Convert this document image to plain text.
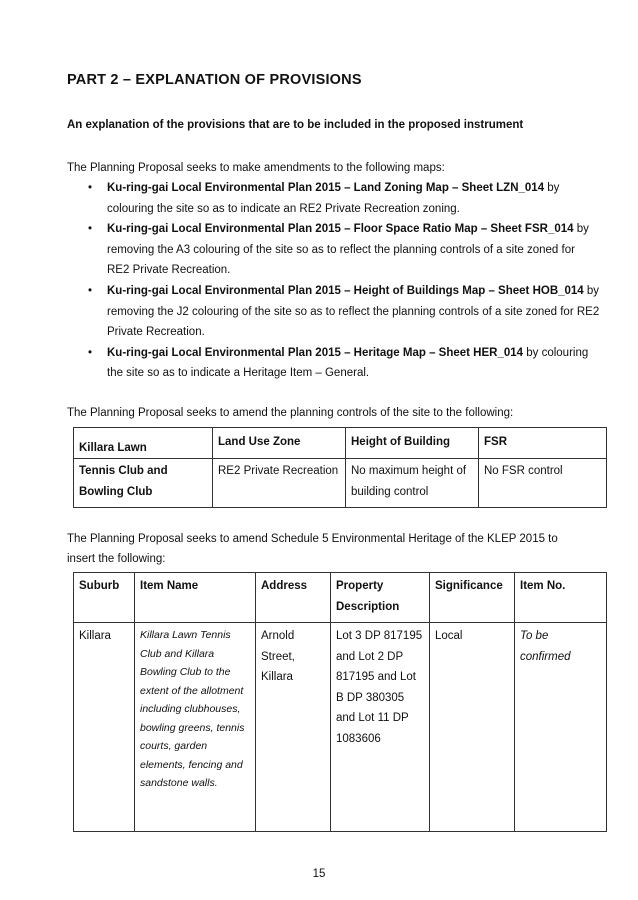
PART 2 – EXPLANATION OF PROVISIONS
An explanation of the provisions that are to be included in the proposed instrument
The Planning Proposal seeks to make amendments to the following maps:
• Ku-ring-gai Local Environmental Plan 2015 – Land Zoning Map – Sheet LZN_014 by colouring the site so as to indicate an RE2 Private Recreation zoning.
• Ku-ring-gai Local Environmental Plan 2015 – Floor Space Ratio Map – Sheet FSR_014 by removing the A3 colouring of the site so as to reflect the planning controls of a site zoned for RE2 Private Recreation.
• Ku-ring-gai Local Environmental Plan 2015 – Height of Buildings Map – Sheet HOB_014 by removing the J2 colouring of the site so as to reflect the planning controls of a site zoned for RE2 Private Recreation.
• Ku-ring-gai Local Environmental Plan 2015 – Heritage Map – Sheet HER_014 by colouring the site so as to indicate a Heritage Item – General.
The Planning Proposal seeks to amend the planning controls of the site to the following:
Killara Lawn	Land Use Zone	Height of Building	FSR
Tennis Club and Bowling Club	RE2 Private Recreation	No maximum height of building control	No FSR control
The Planning Proposal seeks to amend Schedule 5 Environmental Heritage of the KLEP 2015 to insert the following:
Suburb	Item Name	Address	Property Description	Significance	Item No.
Killara	Killara Lawn Tennis Club and Killara Bowling Club to the extent of the allotment including clubhouses, bowling greens, tennis courts, garden elements, fencing and sandstone walls.	Arnold Street, Killara	Lot 3 DP 817195 and Lot 2 DP 817195 and Lot B DP 380305 and Lot 11 DP 1083606	Local	To be confirmed
15
